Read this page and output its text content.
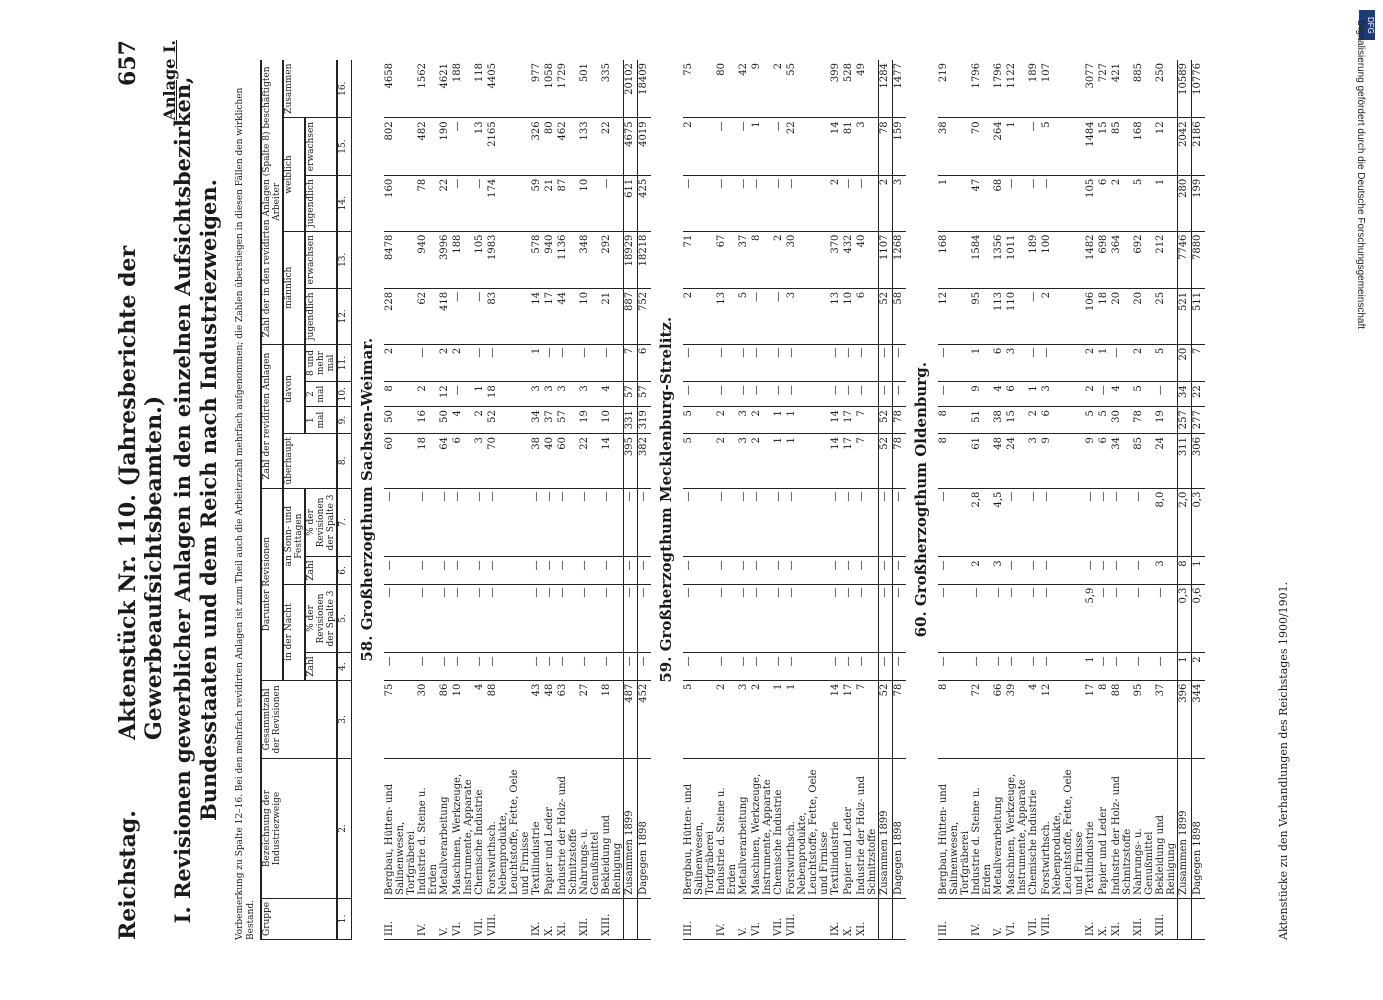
Reichstag.
Aktenstück Nr. 110. (Jahresberichte der Gewerbeaufsichtsbeamten.)
657 Anlage I.
I. Revisionen gewerblicher Anlagen in den einzelnen Aufsichtsbezirken, Bundesstaaten und dem Reich nach Industriezweigen. Vorbemerkung zu Spalte 12–16. Bei den mehrfach revidirten Anlagen ist zum Theil auch die Arbeiterzahl mehrfach aufgenommen; die Zahlen überstiegen in diesen Fällen den wirklichen Bestand. Gruppe	Bezeichnung der Industriezweige	Gesammtzahl der Revisionen	Darunter Revisionen				Zahl der revidirten Anlagen				Zahl der in den revidirten Anlagen (Spalte 8) beschäftigten Arbeiter				
			in der Nacht		an Sonn- und Festtagen		überhaupt	davon			männlich		weiblich		Zusammen
			Zahl	% der Revisionen der Spalte 3	Zahl	% der Revisionen der Spalte 3		1 mal	2 mal	8 und mehr mal	jugendlich	erwachsen	jugendlich	erwachsen	
1.	2.	3.	4.	5.	6.	7.	8.	9.	10.	11.	12.	13.	14.	15.	16.
58. Großherzogthum Sachsen-Weimar.															
III.	Bergbau, Hütten- und Salinenwesen, Torfgräberei	75	—	—	—	—	60	50	8	2	228	8478	160	802	4658
IV.	Industrie d. Steine u. Erden	30	—	—	—	—	18	16	2	—	62	940	78	482	1562
V.	Metallverarbeitung	86	—	—	—	—	64	50	12	2	418	3996	22	190	4621
VI.	Maschinen, Werkzeuge, Instrumente, Apparate	10	—	—	—	—	6	4	—	2	—	188	—	—	188
VII.	Chemische Industrie	4	—	—	—	—	3	2	1	—	—	105	—	13	118
VIII.	Forstwirthsch. Nebenprodukte, Leuchtstoffe, Fette, Oele und Firnisse	88	—	—	—	—	70	52	18	—	83	1983	174	2165	4405
IX.	Textilindustrie	43	—	—	—	—	38	34	3	1	14	578	59	326	977
X.	Papier und Leder	48	—	—	—	—	40	37	3	—	17	940	21	80	1058
XI.	Industrie der Holz- und Schnitzstoffe	63	—	—	—	—	60	57	3	—	44	1136	87	462	1729
XII.	Nahrungs- u. Genußmittel	27	—	—	—	—	22	19	3	—	10	348	10	133	501
XIII.	Bekleidung und Reinigung	18	—	—	—	—	14	10	4	—	21	292	—	22	335
	Zusammen 1899	487	—	—	—	—	395	331	57	7	887	18929	611	4675	20102
	Dagegen 1898	452	—	—	—	—	382	319	57	6	752	18218	425	4019	18409
59. Großherzogthum Mecklenburg-Strelitz.															
III.	Bergbau, Hütten- und Salinenwesen, Torfgräberei	5	—	—	—	—	5	5	—	—	2	71	—	2	75
IV.	Industrie d. Steine u. Erden	2	—	—	—	—	2	2	—	—	13	67	—	—	80
V.	Metallverarbeitung	3	—	—	—	—	3	3	—	—	5	37	—	—	42
VI.	Maschinen, Werkzeuge, Instrumente, Apparate	2	—	—	—	—	2	2	—	—	—	8	—	1	9
VII.	Chemische Industrie	1	—	—	—	—	1	1	—	—	—	2	—	—	2
VIII.	Forstwirthsch. Nebenprodukte, Leuchtstoffe, Fette, Oele und Firnisse	1	—	—	—	—	1	1	—	—	3	30	—	22	55
IX.	Textilindustrie	14	—	—	—	—	14	14	—	—	13	370	2	14	399
X.	Papier und Leder	17	—	—	—	—	17	17	—	—	10	432	—	81	528
XI.	Industrie der Holz- und Schnitzstoffe	7	—	—	—	—	7	7	—	—	6	40	—	3	49
	Zusammen 1899	52	—	—	—	—	52	52	—	—	52	1107	2	78	1284
	Dagegen 1898	78	—	—	—	—	78	78	—	—	58	1268	3	159	1477
60. Großherzogthum Oldenburg.															
III.	Bergbau, Hütten- und Salinenwesen, Torfgräberei	8	—	—	—	—	8	8	—	—	12	168	1	38	219
IV.	Industrie d. Steine u. Erden	72	—	—	2	2,8	61	51	9	1	95	1584	47	70	1796
V.	Metallverarbeitung	66	—	—	3	4,5	48	38	4	6	113	1356	68	264	1796
VI.	Maschinen, Werkzeuge, Instrumente, Apparate	39	—	—	—	—	24	15	6	3	110	1011	—	1	1122
VII.	Chemische Industrie	4	—	—	—	—	3	2	1	—	—	189	—	—	189
VIII.	Forstwirthsch. Nebenprodukte, Leuchtstoffe, Fette, Oele und Firnisse	12	—	—	—	—	9	6	3	—	2	100	—	5	107
IX.	Textilindustrie	17	1	5,9	—	—	9	5	2	2	106	1482	105	1484	3077
X.	Papier und Leder	8	—	—	—	—	6	5	—	1	18	698	6	15	727
XI.	Industrie der Holz- und Schnitzstoffe	88	—	—	—	—	34	30	4	—	20	364	2	85	421
XII.	Nahrungs- u. Genußmittel	95	—	—	—	—	85	78	5	2	20	692	5	168	885
XIII.	Bekleidung und Reinigung	37	—	—	3	8,0	24	19	—	5	25	212	1	12	250
	Zusammen 1899	396	1	0,3	8	2,0	311	257	34	20	521	7746	280	2042	10589
	Dagegen 1898	344	2	0,6	1	0,3	306	277	22	7	511	7880	199	2186	10776
Aktenstücke zu den Verhandlungen des Reichstages 1900/1901.
DFG
Digitalisierung gefördert durch die Deutsche Forschungsgemeinschaft
